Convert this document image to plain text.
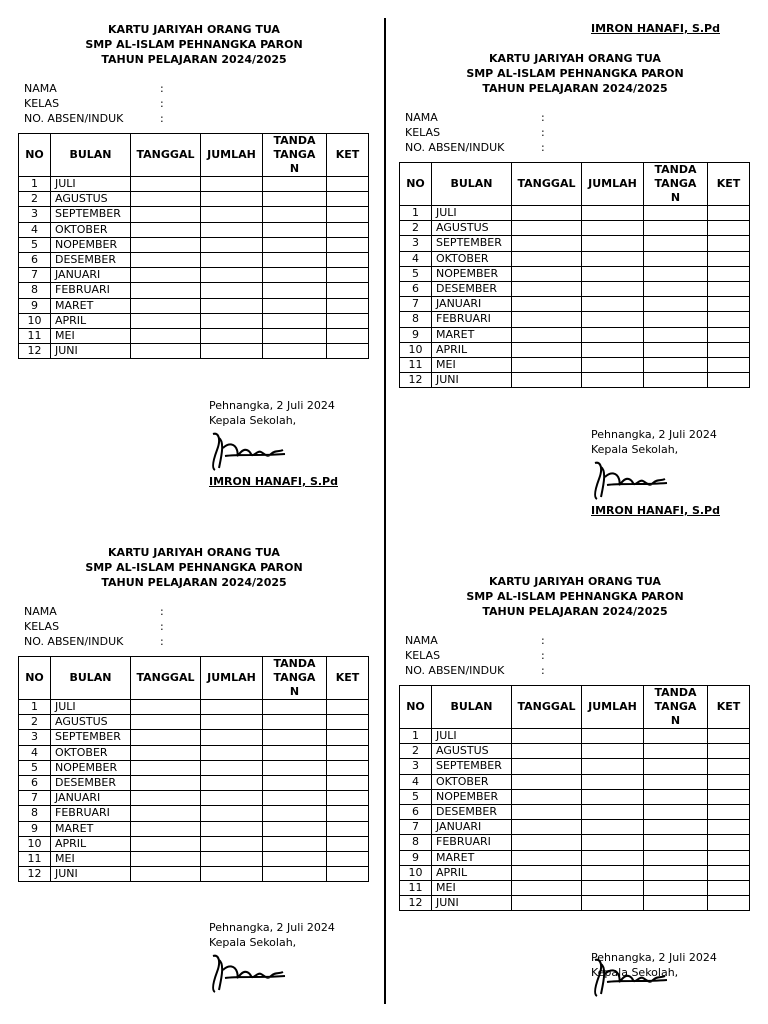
IMRON HANAFI, S.Pd
KARTU JARIYAH ORANG TUA
SMP AL-ISLAM PEHNANGKA PARON
TAHUN PELAJARAN 2024/2025
NAMA	:
KELAS	:
NO. ABSEN/INDUK	:
NO	BULAN	TANGGAL	JUMLAH	TANDA
TANGA
N	KET
1	JULI				
2	AGUSTUS				
3	SEPTEMBER				
4	OKTOBER				
5	NOPEMBER				
6	DESEMBER				
7	JANUARI				
8	FEBRUARI				
9	MARET				
10	APRIL				
11	MEI				
12	JUNI				
KARTU JARIYAH ORANG TUA
SMP AL-ISLAM PEHNANGKA PARON
TAHUN PELAJARAN 2024/2025
NAMA	:
KELAS	:
NO. ABSEN/INDUK	:
NO	BULAN	TANGGAL	JUMLAH	TANDA
TANGA
N	KET
1	JULI				
2	AGUSTUS				
3	SEPTEMBER				
4	OKTOBER				
5	NOPEMBER				
6	DESEMBER				
7	JANUARI				
8	FEBRUARI				
9	MARET				
10	APRIL				
11	MEI				
12	JUNI				
KARTU JARIYAH ORANG TUA
SMP AL-ISLAM PEHNANGKA PARON
TAHUN PELAJARAN 2024/2025
NAMA	:
KELAS	:
NO. ABSEN/INDUK	:
NO	BULAN	TANGGAL	JUMLAH	TANDA
TANGA
N	KET
1	JULI				
2	AGUSTUS				
3	SEPTEMBER				
4	OKTOBER				
5	NOPEMBER				
6	DESEMBER				
7	JANUARI				
8	FEBRUARI				
9	MARET				
10	APRIL				
11	MEI				
12	JUNI				
KARTU JARIYAH ORANG TUA
SMP AL-ISLAM PEHNANGKA PARON
TAHUN PELAJARAN 2024/2025
NAMA	:
KELAS	:
NO. ABSEN/INDUK	:
NO	BULAN	TANGGAL	JUMLAH	TANDA
TANGA
N	KET
1	JULI				
2	AGUSTUS				
3	SEPTEMBER				
4	OKTOBER				
5	NOPEMBER				
6	DESEMBER				
7	JANUARI				
8	FEBRUARI				
9	MARET				
10	APRIL				
11	MEI				
12	JUNI				
Pehnangka, 2 Juli 2024
Kepala Sekolah,
IMRON HANAFI, S.Pd
Pehnangka, 2 Juli 2024
Kepala Sekolah,
IMRON HANAFI, S.Pd
Pehnangka, 2 Juli 2024
Kepala Sekolah,
Pehnangka, 2 Juli 2024
Kepala Sekolah,
